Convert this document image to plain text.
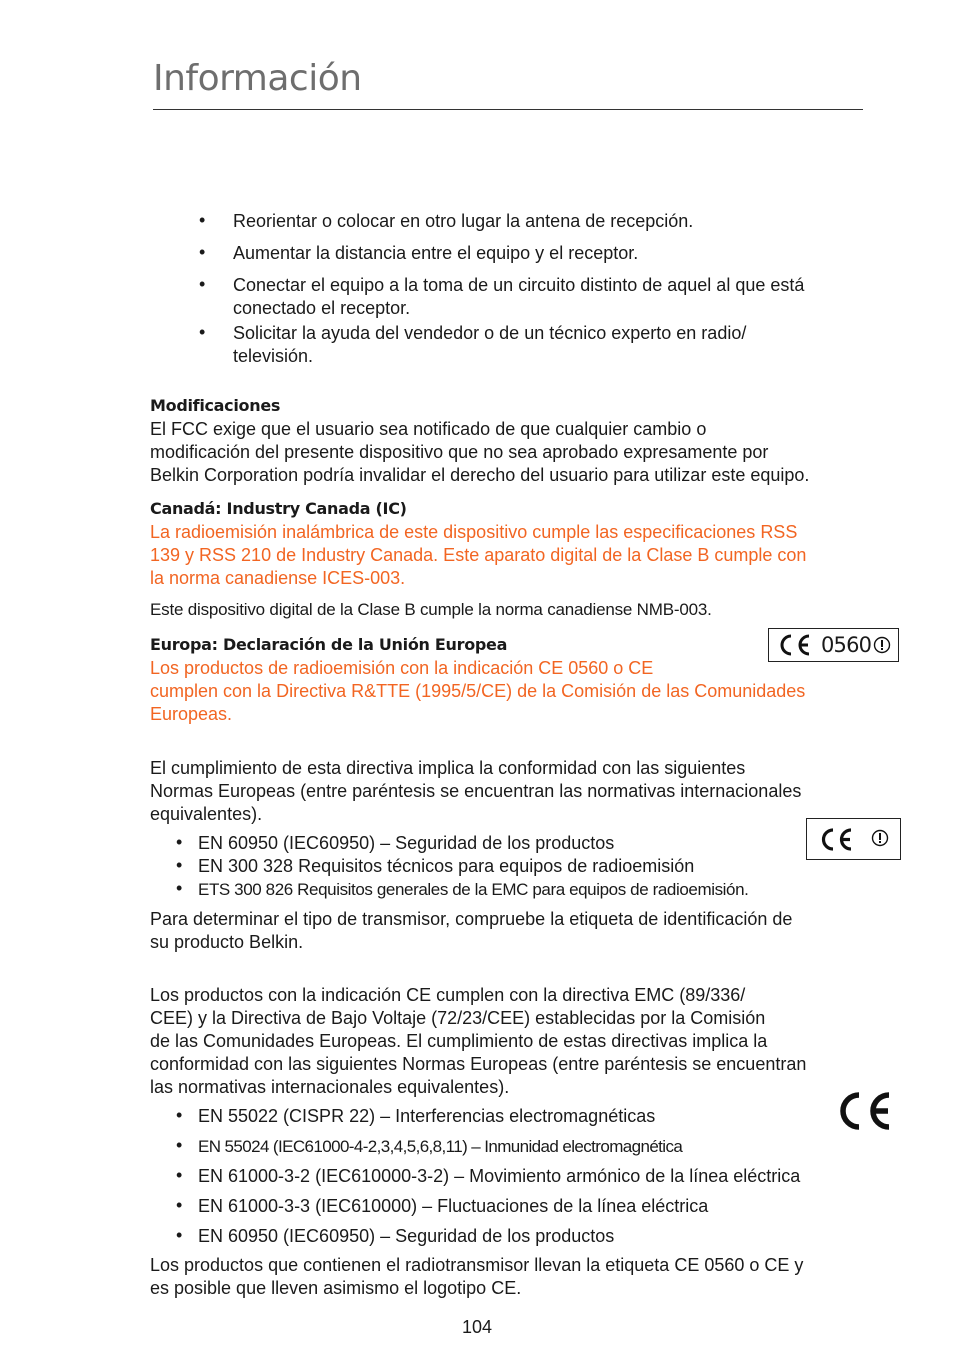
Información
• Reorientar o colocar en otro lugar la antena de recepción.
• Aumentar la distancia entre el equipo y el receptor.
• Conectar el equipo a la toma de un circuito distinto de aquel al que está
conectado el receptor.
• Solicitar la ayuda del vendedor o de un técnico experto en radio/
televisión.
Modificaciones
El FCC exige que el usuario sea notificado de que cualquier cambio o
modificación del presente dispositivo que no sea aprobado expresamente por
Belkin Corporation podría invalidar el derecho del usuario para utilizar este equipo.
Canadá: Industry Canada (IC)
La radioemisión inalámbrica de este dispositivo cumple las especificaciones RSS
139 y RSS 210 de Industry Canada. Este aparato digital de la Clase B cumple con
la norma canadiense ICES-003.
Este dispositivo digital de la Clase B cumple la norma canadiense NMB-003.
Europa: Declaración de la Unión Europea
Los productos de radioemisión con la indicación CE 0560 o CE
cumplen con la Directiva R&TTE (1995/5/CE) de la Comisión de las Comunidades
Europeas.
0560
El cumplimiento de esta directiva implica la conformidad con las siguientes
Normas Europeas (entre paréntesis se encuentran las normativas internacionales
equivalentes).
• EN 60950 (IEC60950) – Seguridad de los productos
• EN 300 328 Requisitos técnicos para equipos de radioemisión
• ETS 300 826 Requisitos generales de la EMC para equipos de radioemisión.
Para determinar el tipo de transmisor, compruebe la etiqueta de identificación de
su producto Belkin.
Los productos con la indicación CE cumplen con la directiva EMC (89/336/
CEE) y la Directiva de Bajo Voltaje (72/23/CEE) establecidas por la Comisión
de las Comunidades Europeas. El cumplimiento de estas directivas implica la
conformidad con las siguientes Normas Europeas (entre paréntesis se encuentran
las normativas internacionales equivalentes).
• EN 55022 (CISPR 22) – Interferencias electromagnéticas
• EN 55024 (IEC61000-4-2,3,4,5,6,8,11) – Inmunidad electromagnética
• EN 61000-3-2 (IEC610000-3-2) – Movimiento armónico de la línea eléctrica
• EN 61000-3-3 (IEC610000) – Fluctuaciones de la línea eléctrica
• EN 60950 (IEC60950) – Seguridad de los productos
Los productos que contienen el radiotransmisor llevan la etiqueta CE 0560 o CE y
es posible que lleven asimismo el logotipo CE.
104
